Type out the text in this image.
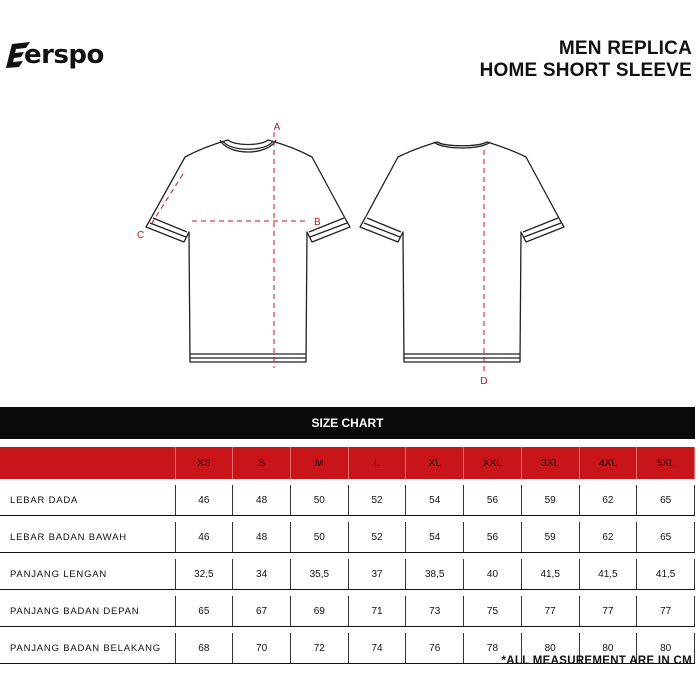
erspo	MEN REPLICA
HOME SHORT SLEEVE
A
B
C
D
SIZE CHART
	XS	S	M	L	XL	XXL	3XL	4XL	5XL

LEBAR DADA	46	48	50	52	54	56	59	62	65

LEBAR BADAN BAWAH	46	48	50	52	54	56	59	62	65

PANJANG LENGAN	32,5	34	35,5	37	38,5	40	41,5	41,5	41,5

PANJANG BADAN DEPAN	65	67	69	71	73	75	77	77	77

PANJANG BADAN BELAKANG	68	70	72	74	76	78	80	80	80
*ALL MEASUREMENT ARE IN CM
